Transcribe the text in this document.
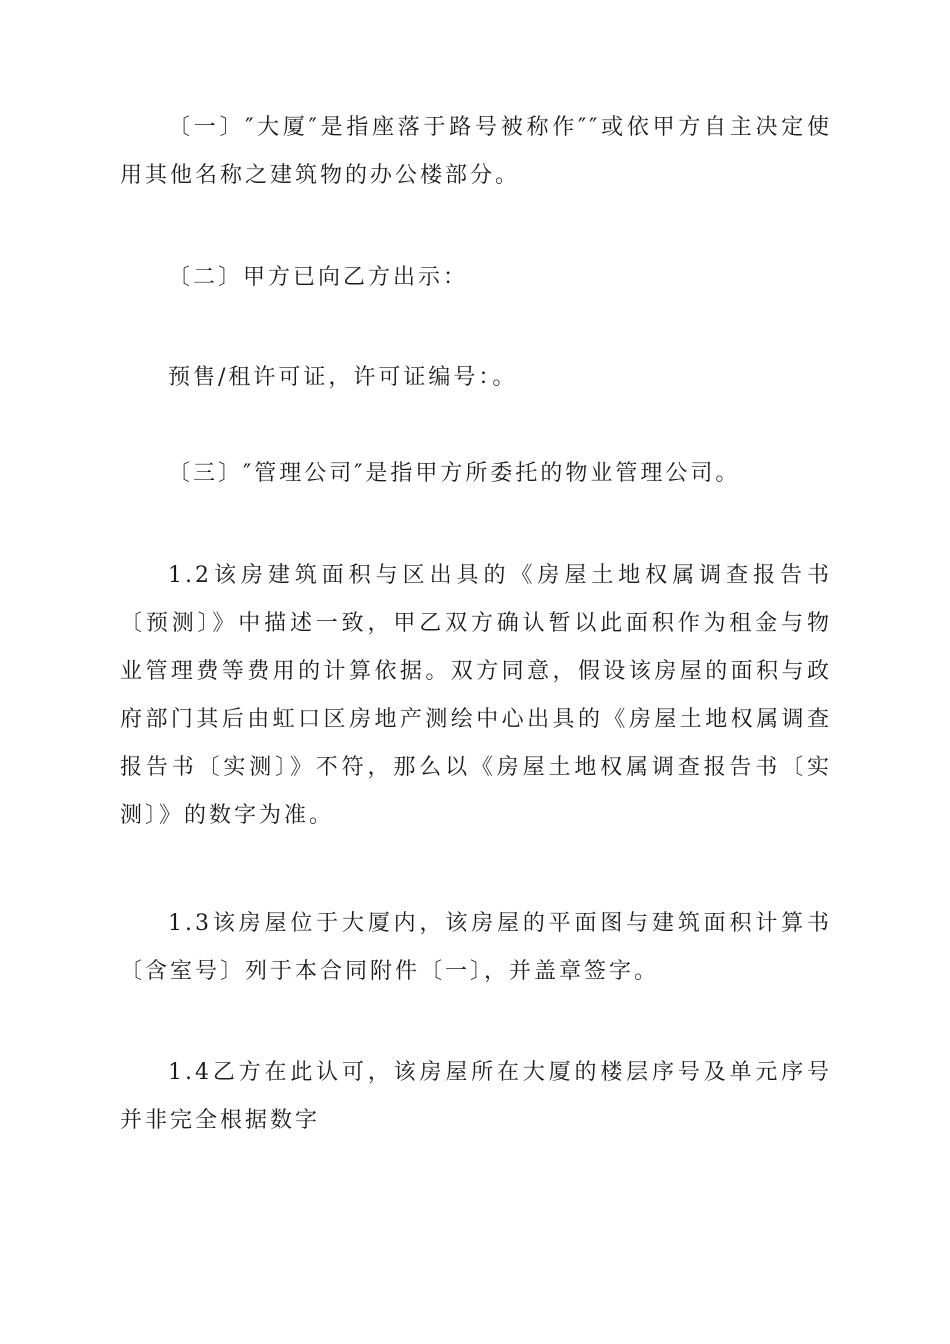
〔一〕″大厦″是指座落于路号被称作″″或依甲方自主决定使用其他名称之建筑物的办公楼部分。

〔二〕甲方已向乙方出示：

预售/租许可证，许可证编号：。

〔三〕″管理公司″是指甲方所委托的物业管理公司。

1.2该房建筑面积与区出具的《房屋土地权属调查报告书〔预测〕》中描述一致，甲乙双方确认暂以此面积作为租金与物业管理费等费用的计算依据。双方同意，假设该房屋的面积与政府部门其后由虹口区房地产测绘中心出具的《房屋土地权属调查报告书〔实测〕》不符，那么以《房屋土地权属调查报告书〔实测〕》的数字为准。

1.3该房屋位于大厦内，该房屋的平面图与建筑面积计算书〔含室号〕列于本合同附件〔一〕，并盖章签字。

1.4乙方在此认可，该房屋所在大厦的楼层序号及单元序号并非完全根据数字
